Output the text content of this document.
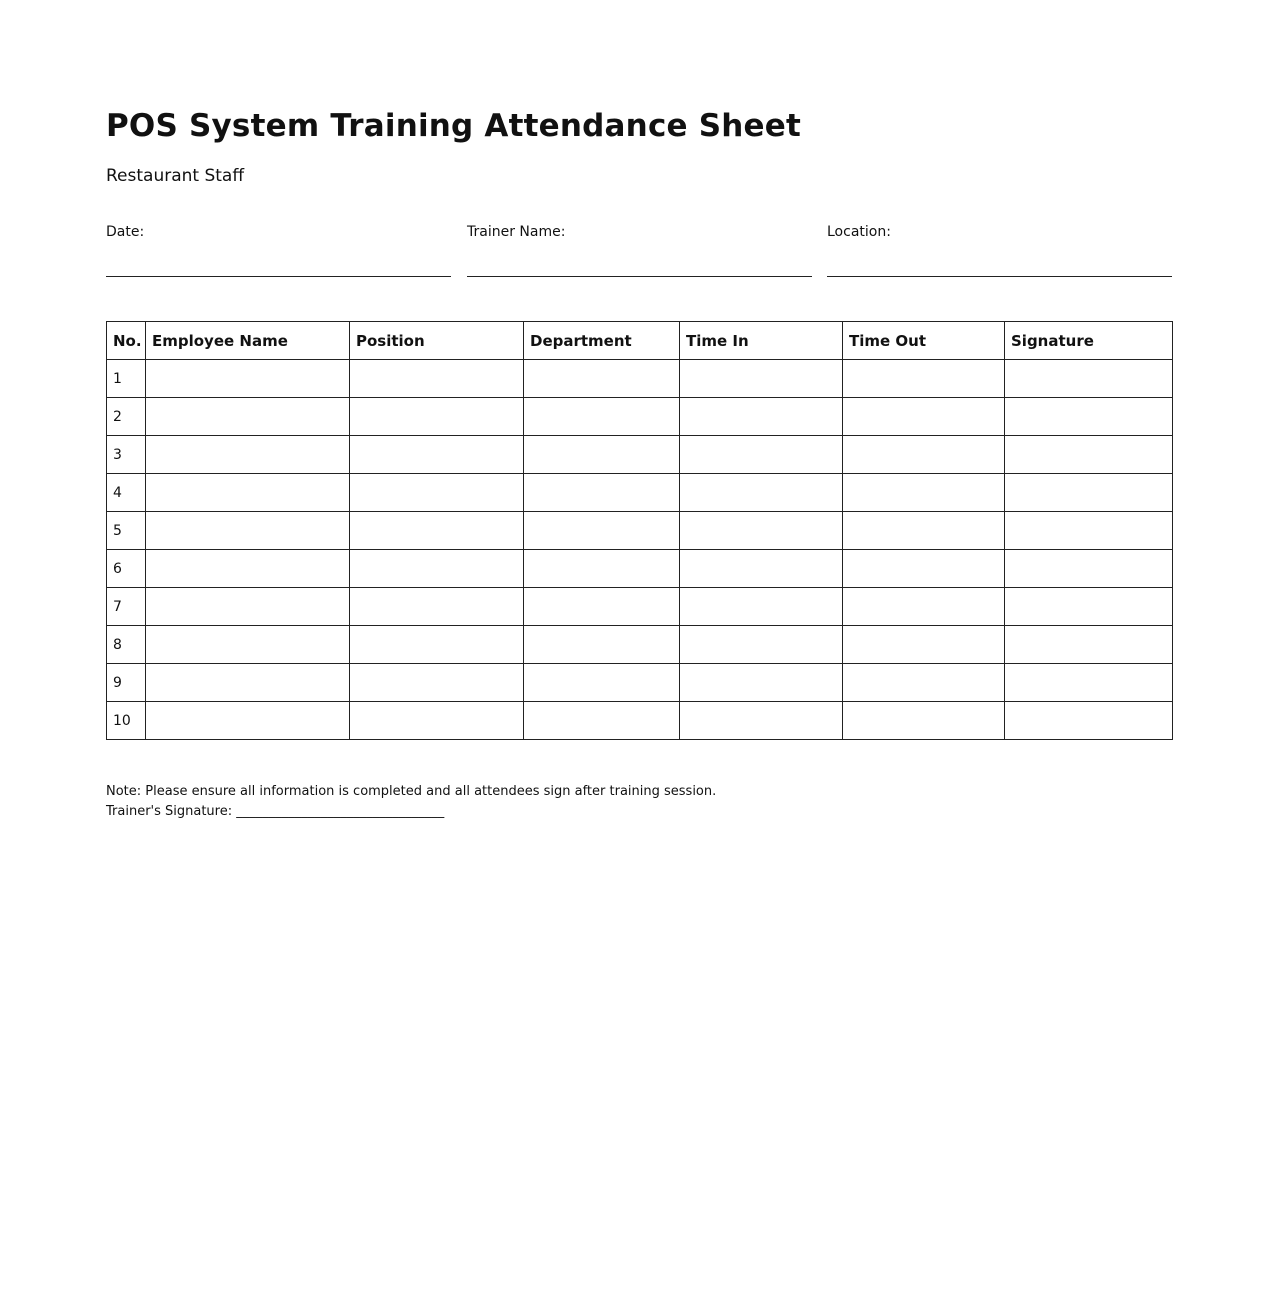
POS System Training Attendance Sheet
Restaurant Staff
Date:	Trainer Name:	Location:
No.	Employee Name	Position	Department	Time In	Time Out	Signature
1						
2						
3						
4						
5						
6						
7						
8						
9						
10						
Note: Please ensure all information is completed and all attendees sign after training session.
Trainer's Signature: ________________________________
